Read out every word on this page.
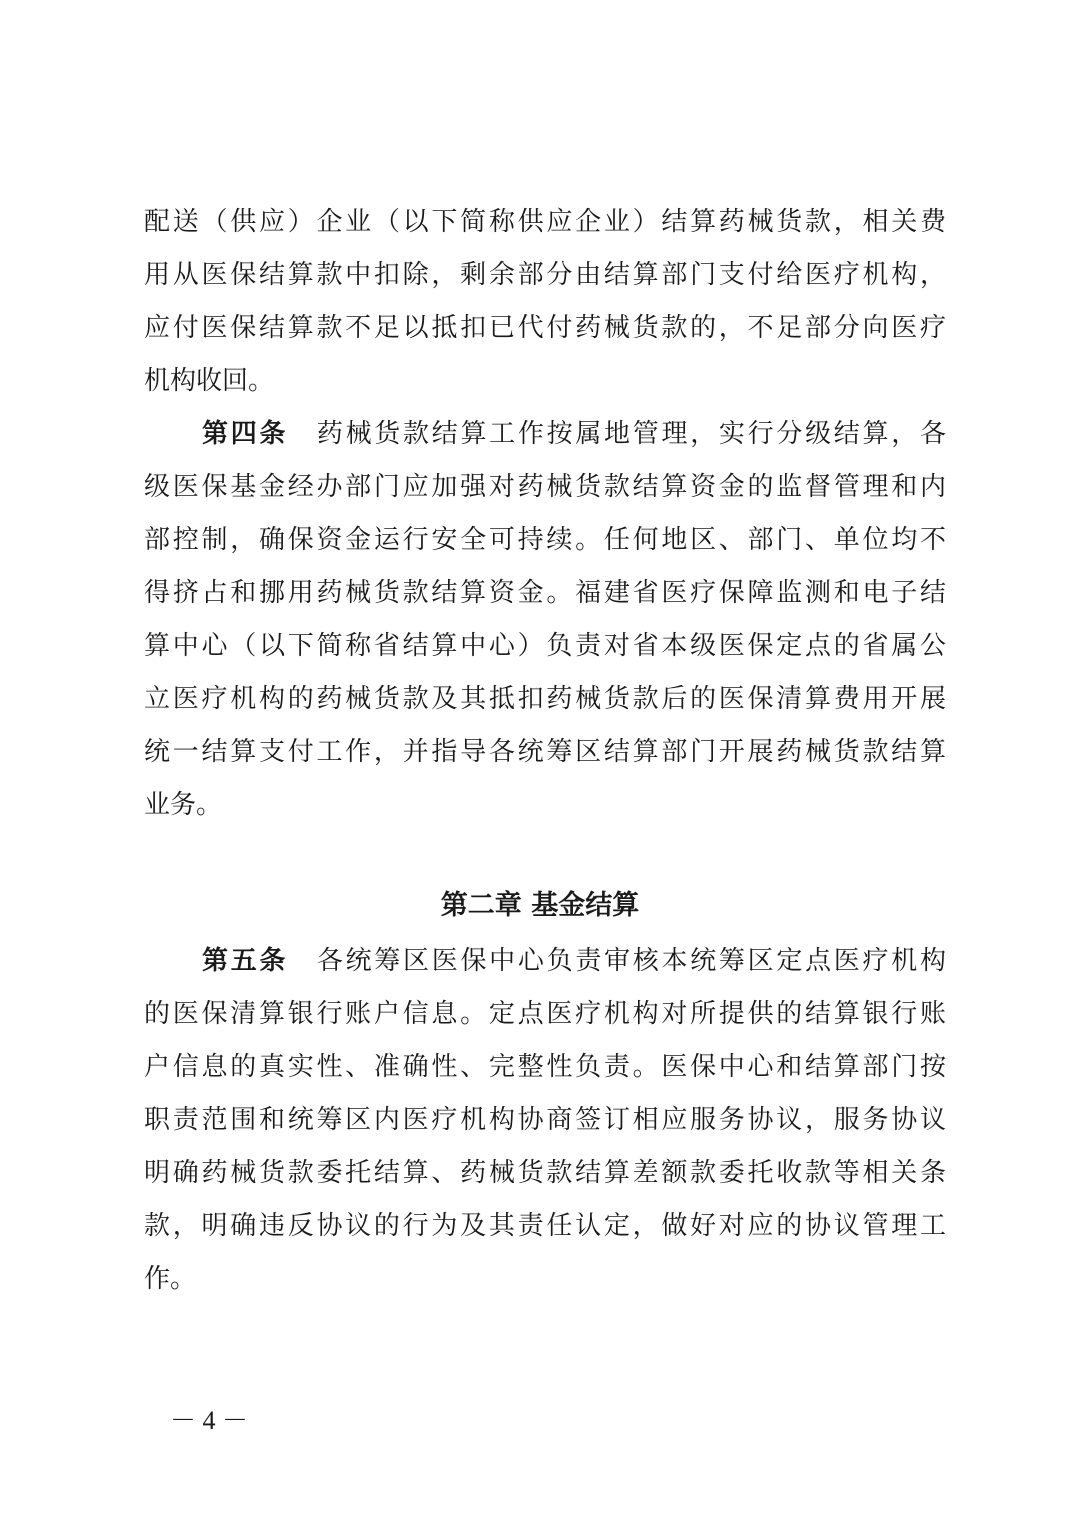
配送（供应）企业（以下简称供应企业）结算药械货款，相关费
用从医保结算款中扣除，剩余部分由结算部门支付给医疗机构，
应付医保结算款不足以抵扣已代付药械货款的，不足部分向医疗
机构收回。
第四条　 药械货款结算工作按属地管理，实行分级结算，各
级医保基金经办部门应加强对药械货款结算资金的监督管理和内
部控制，确保资金运行安全可持续。任何地区、部门、单位均不
得挤占和挪用药械货款结算资金。福建省医疗保障监测和电子结
算中心（以下简称省结算中心）负责对省本级医保定点的省属公
立医疗机构的药械货款及其抵扣药械货款后的医保清算费用开展
统一结算支付工作，并指导各统筹区结算部门开展药械货款结算
业务。
第二章 基金结算
第五条　 各统筹区医保中心负责审核本统筹区定点医疗机构
的医保清算银行账户信息。定点医疗机构对所提供的结算银行账
户信息的真实性、准确性、完整性负责。医保中心和结算部门按
职责范围和统筹区内医疗机构协商签订相应服务协议，服务协议
明确药械货款委托结算、药械货款结算差额款委托收款等相关条
款，明确违反协议的行为及其责任认定，做好对应的协议管理工
作。
－ 4 －
